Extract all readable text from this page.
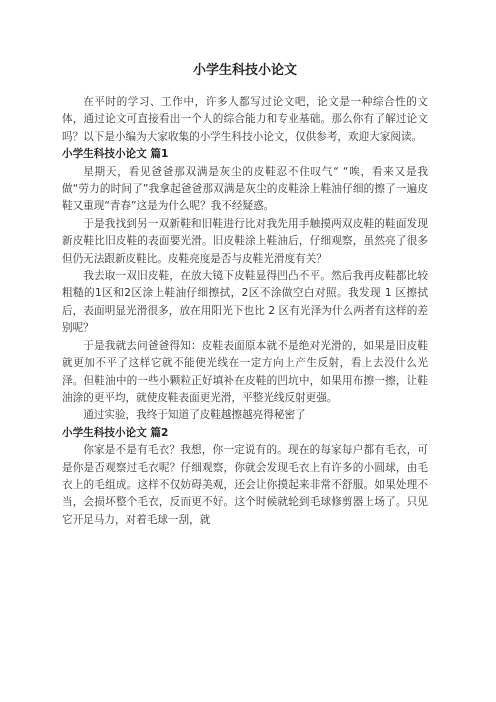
小学生科技小论文

在平时的学习、工作中，许多人都写过论文吧，论文是一种综合性的文体，通过论文可直接看出一个人的综合能力和专业基础。那么你有了解过论文吗？以下是小编为大家收集的小学生科技小论文，仅供参考，欢迎大家阅读。

小学生科技小论文 篇1

星期天，看见爸爸那双满是灰尘的皮鞋忍不住叹气“ “唉，看来又是我做“劳力的时间了”我拿起爸爸那双满是灰尘的皮鞋涂上鞋油仔细的擦了一遍皮鞋又重现“青春”这是为什么呢？我不经疑惑。

于是我找到另一双新鞋和旧鞋进行比对我先用手触摸两双皮鞋的鞋面发现新皮鞋比旧皮鞋的表面要光滑。旧皮鞋涂上鞋油后，仔细观察，虽然亮了很多但仍无法跟新皮鞋比。皮鞋亮度是否与皮鞋光滑度有关？

我去取一双旧皮鞋，在放大镜下皮鞋显得凹凸不平。然后我再皮鞋都比较粗糙的1区和2区涂上鞋油仔细擦拭，2区不涂做空白对照。我发现 1 区擦拭后，表面明显光滑很多，放在用阳光下也比 2 区有光泽为什么两者有这样的差别呢？

于是我就去问爸爸得知：皮鞋表面原本就不是绝对光滑的，如果是旧皮鞋就更加不平了这样它就不能使光线在一定方向上产生反射，看上去没什么光泽。但鞋油中的一些小颗粒正好填补在皮鞋的凹坑中，如果用布擦一擦，让鞋油涂的更平均，就使皮鞋表面更光滑，平整光线反射更强。

通过实验，我终于知道了皮鞋越擦越亮得秘密了

小学生科技小论文 篇2

你家是不是有毛衣？我想，你一定说有的。现在的每家每户都有毛衣，可是你是否观察过毛衣呢？仔细观察，你就会发现毛衣上有许多的小圆球，由毛衣上的毛组成。这样不仅妨碍美观，还会让你摸起来非常不舒服。如果处理不当，会损坏整个毛衣，反而更不好。这个时候就轮到毛球修剪器上场了。只见它开足马力，对着毛球一刮，就
